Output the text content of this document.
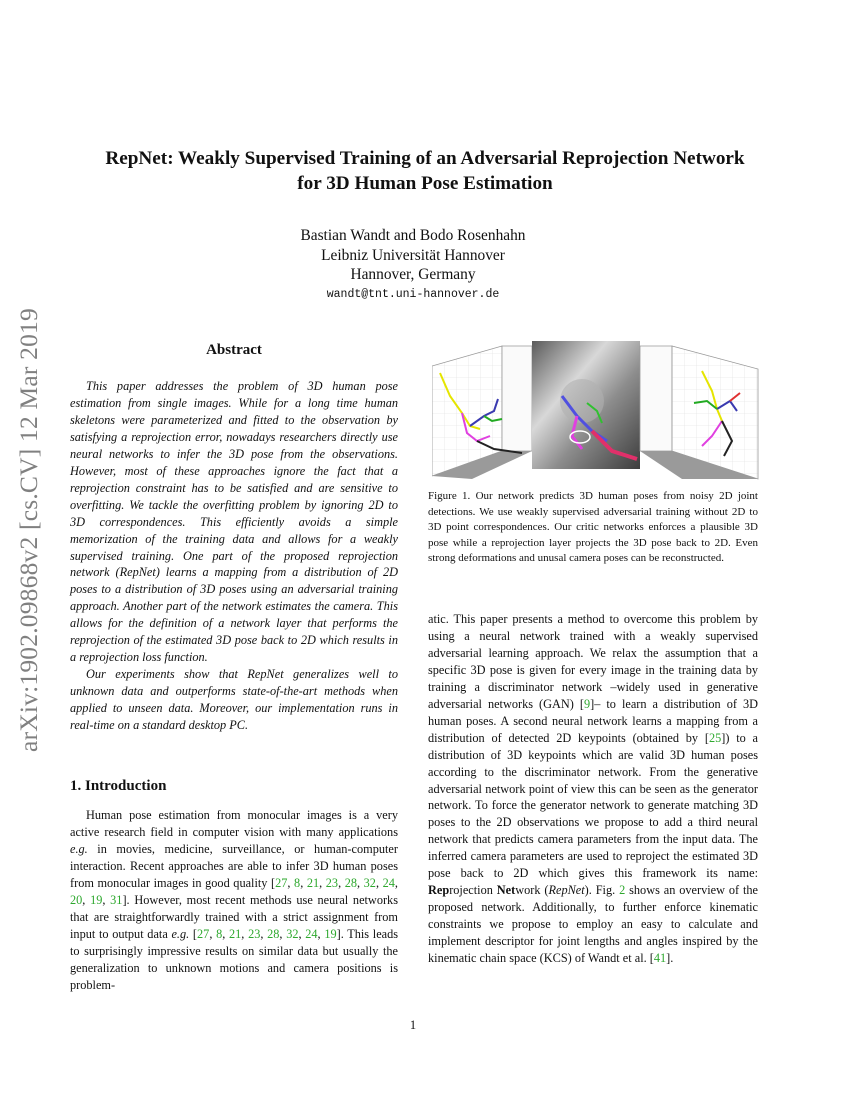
arXiv:1902.09868v2 [cs.CV] 12 Mar 2019
RepNet: Weakly Supervised Training of an Adversarial Reprojection Network
for 3D Human Pose Estimation
Bastian Wandt and Bodo Rosenhahn
Leibniz Universität Hannover
Hannover, Germany
wandt@tnt.uni-hannover.de
Abstract

This paper addresses the problem of 3D human pose estimation from single images. While for a long time human skeletons were parameterized and fitted to the observation by satisfying a reprojection error, nowadays researchers directly use neural networks to infer the 3D pose from the observations. However, most of these approaches ignore the fact that a reprojection constraint has to be satisfied and are sensitive to overfitting. We tackle the overfitting problem by ignoring 2D to 3D correspondences. This efficiently avoids a simple memorization of the training data and allows for a weakly supervised training. One part of the proposed reprojection network (RepNet) learns a mapping from a distribution of 2D poses to a distribution of 3D poses using an adversarial training approach. Another part of the network estimates the camera. This allows for the definition of a network layer that performs the reprojection of the estimated 3D pose back to 2D which results in a reprojection loss function.

Our experiments show that RepNet generalizes well to unknown data and outperforms state-of-the-art methods when applied to unseen data. Moreover, our implementation runs in real-time on a standard desktop PC.

1. Introduction

Human pose estimation from monocular images is a very active research field in computer vision with many applications e.g. in movies, medicine, surveillance, or human-computer interaction. Recent approaches are able to infer 3D human poses from monocular images in good quality [27, 8, 21, 23, 28, 32, 24, 20, 19, 31]. However, most recent methods use neural networks that are straightforwardly trained with a strict assignment from input to output data e.g. [27, 8, 21, 23, 28, 32, 24, 19]. This leads to surprisingly impressive results on similar data but usually the generalization to unknown motions and camera positions is problem-

Figure 1. Our network predicts 3D human poses from noisy 2D joint detections. We use weakly supervised adversarial training without 2D to 3D point correspondences. Our critic networks enforces a plausible 3D pose while a reprojection layer projects the 3D pose back to 2D. Even strong deformations and unusal camera poses can be reconstructed.

atic. This paper presents a method to overcome this problem by using a neural network trained with a weakly supervised adversarial learning approach. We relax the assumption that a specific 3D pose is given for every image in the training data by training a discriminator network –widely used in generative adversarial networks (GAN) [9]– to learn a distribution of 3D human poses. A second neural network learns a mapping from a distribution of detected 2D keypoints (obtained by [25]) to a distribution of 3D keypoints which are valid 3D human poses according to the discriminator network. From the generative adversarial network point of view this can be seen as the generator network. To force the generator network to generate matching 3D poses to the 2D observations we propose to add a third neural network that predicts camera parameters from the input data. The inferred camera parameters are used to reproject the estimated 3D pose back to 2D which gives this framework its name: Reprojection Network (RepNet). Fig. 2 shows an overview of the proposed network. Additionally, to further enforce kinematic constraints we propose to employ an easy to calculate and implement descriptor for joint lengths and angles inspired by the kinematic chain space (KCS) of Wandt et al. [41].

1
